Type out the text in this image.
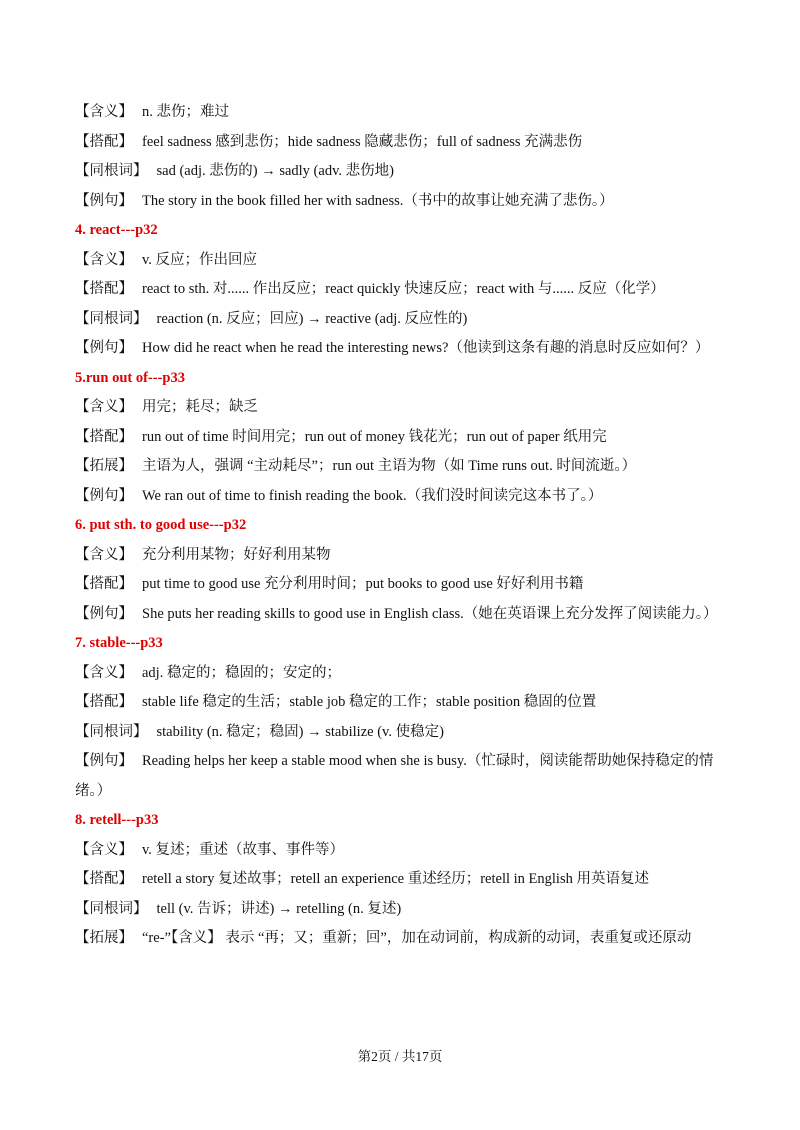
【含义】 n. 悲伤；难过
【搭配】 feel sadness 感到悲伤；hide sadness 隐藏悲伤；full of sadness 充满悲伤
【同根词】 sad (adj. 悲伤的) → sadly (adv. 悲伤地)
【例句】 The story in the book filled her with sadness.（书中的故事让她充满了悲伤。）
4. react---p32
【含义】 v. 反应；作出回应
【搭配】 react to sth. 对...... 作出反应；react quickly 快速反应；react with 与...... 反应（化学）
【同根词】 reaction (n. 反应；回应) → reactive (adj. 反应性的)
【例句】 How did he react when he read the interesting news?（他读到这条有趣的消息时反应如何？）
5.run out of---p33
【含义】 用完；耗尽；缺乏
【搭配】 run out of time 时间用完；run out of money 钱花光；run out of paper 纸用完
【拓展】 主语为人，强调 “主动耗尽”；run out 主语为物（如 Time runs out. 时间流逝。）
【例句】 We ran out of time to finish reading the book.（我们没时间读完这本书了。）
6. put sth. to good use---p32
【含义】 充分利用某物；好好利用某物
【搭配】 put time to good use 充分利用时间；put books to good use 好好利用书籍
【例句】 She puts her reading skills to good use in English class.（她在英语课上充分发挥了阅读能力。）
7. stable---p33
【含义】 adj. 稳定的；稳固的；安定的；
【搭配】 stable life 稳定的生活；stable job 稳定的工作；stable position 稳固的位置
【同根词】 stability (n. 稳定；稳固) → stabilize (v. 使稳定)
【例句】 Reading helps her keep a stable mood when she is busy.（忙碌时，阅读能帮助她保持稳定的情绪。）
8. retell---p33
【含义】 v. 复述；重述（故事、事件等）
【搭配】 retell a story 复述故事；retell an experience 重述经历；retell in English 用英语复述
【同根词】 tell (v. 告诉；讲述) → retelling (n. 复述)
【拓展】 “re-”【含义】 表示 “再；又；重新；回”，加在动词前，构成新的动词，表重复或还原动
第2页 / 共17页
